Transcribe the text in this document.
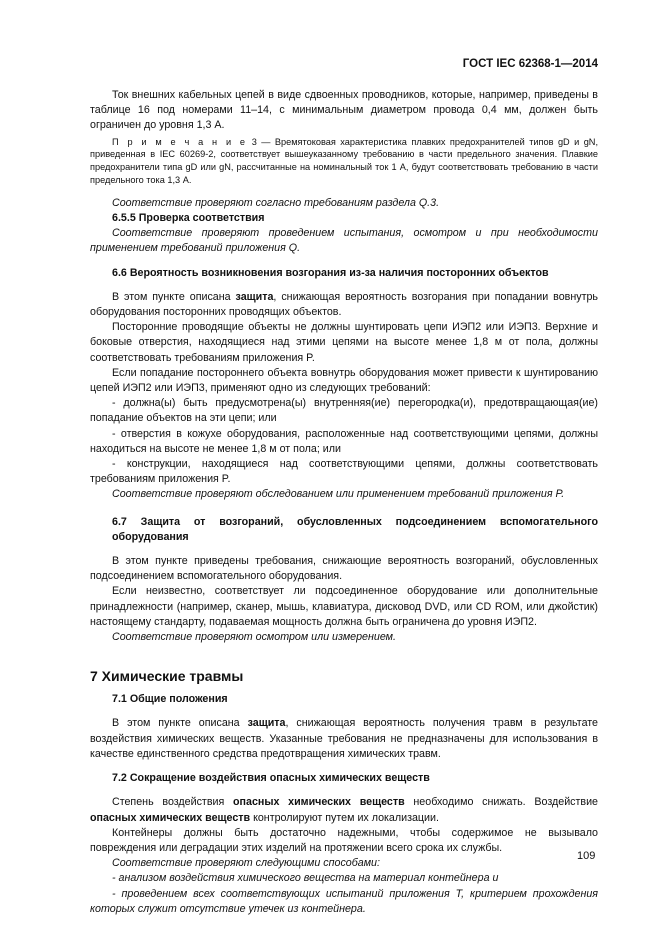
ГОСТ IEC 62368-1—2014

Ток внешних кабельных цепей в виде сдвоенных проводников, которые, например, приведены в таблице 16 под номерами 11–14, с минимальным диаметром провода 0,4 мм, должен быть ограничен до уровня 1,3 А.

П р и м е ч а н и е 3 — Времятоковая характеристика плавких предохранителей типов gD и gN, приведенная в IEC 60269-2, соответствует вышеуказанному требованию в части предельного значения. Плавкие предохранители типа gD или gN, рассчитанные на номинальный ток 1 А, будут соответствовать требованию в части предельного тока 1,3 А.

Соответствие проверяют согласно требованиям раздела Q.3.

6.5.5 Проверка соответствия

Соответствие проверяют проведением испытания, осмотром и при необходимости применением требований приложения Q.

6.6 Вероятность возникновения возгорания из-за наличия посторонних объектов

В этом пункте описана защита, снижающая вероятность возгорания при попадании вовнутрь оборудования посторонних проводящих объектов.

Посторонние проводящие объекты не должны шунтировать цепи ИЭП2 или ИЭП3. Верхние и боковые отверстия, находящиеся над этими цепями на высоте менее 1,8 м от пола, должны соответствовать требованиям приложения P.

Если попадание постороннего объекта вовнутрь оборудования может привести к шунтированию цепей ИЭП2 или ИЭП3, применяют одно из следующих требований:

- должна(ы) быть предусмотрена(ы) внутренняя(ие) перегородка(и), предотвращающая(ие) попадание объектов на эти цепи; или

- отверстия в кожухе оборудования, расположенные над соответствующими цепями, должны находиться на высоте не менее 1,8 м от пола; или

- конструкции, находящиеся над соответствующими цепями, должны соответствовать требованиям приложения P.

Соответствие проверяют обследованием или применением требований приложения P.

6.7 Защита от возгораний, обусловленных подсоединением вспомогательного оборудования

В этом пункте приведены требования, снижающие вероятность возгораний, обусловленных подсоединением вспомогательного оборудования.

Если неизвестно, соответствует ли подсоединенное оборудование или дополнительные принадлежности (например, сканер, мышь, клавиатура, дисковод DVD, или CD ROM, или джойстик) настоящему стандарту, подаваемая мощность должна быть ограничена до уровня ИЭП2.

Соответствие проверяют осмотром или измерением.

7 Химические травмы

7.1 Общие положения

В этом пункте описана защита, снижающая вероятность получения травм в результате воздействия химических веществ. Указанные требования не предназначены для использования в качестве единственного средства предотвращения химических травм.

7.2 Сокращение воздействия опасных химических веществ

Степень воздействия опасных химических веществ необходимо снижать. Воздействие опасных химических веществ контролируют путем их локализации.

Контейнеры должны быть достаточно надежными, чтобы содержимое не вызывало повреждения или деградации этих изделий на протяжении всего срока их службы.

Соответствие проверяют следующими способами:

- анализом воздействия химического вещества на материал контейнера и

- проведением всех соответствующих испытаний приложения T, критерием прохождения которых служит отсутствие утечек из контейнера.

109
